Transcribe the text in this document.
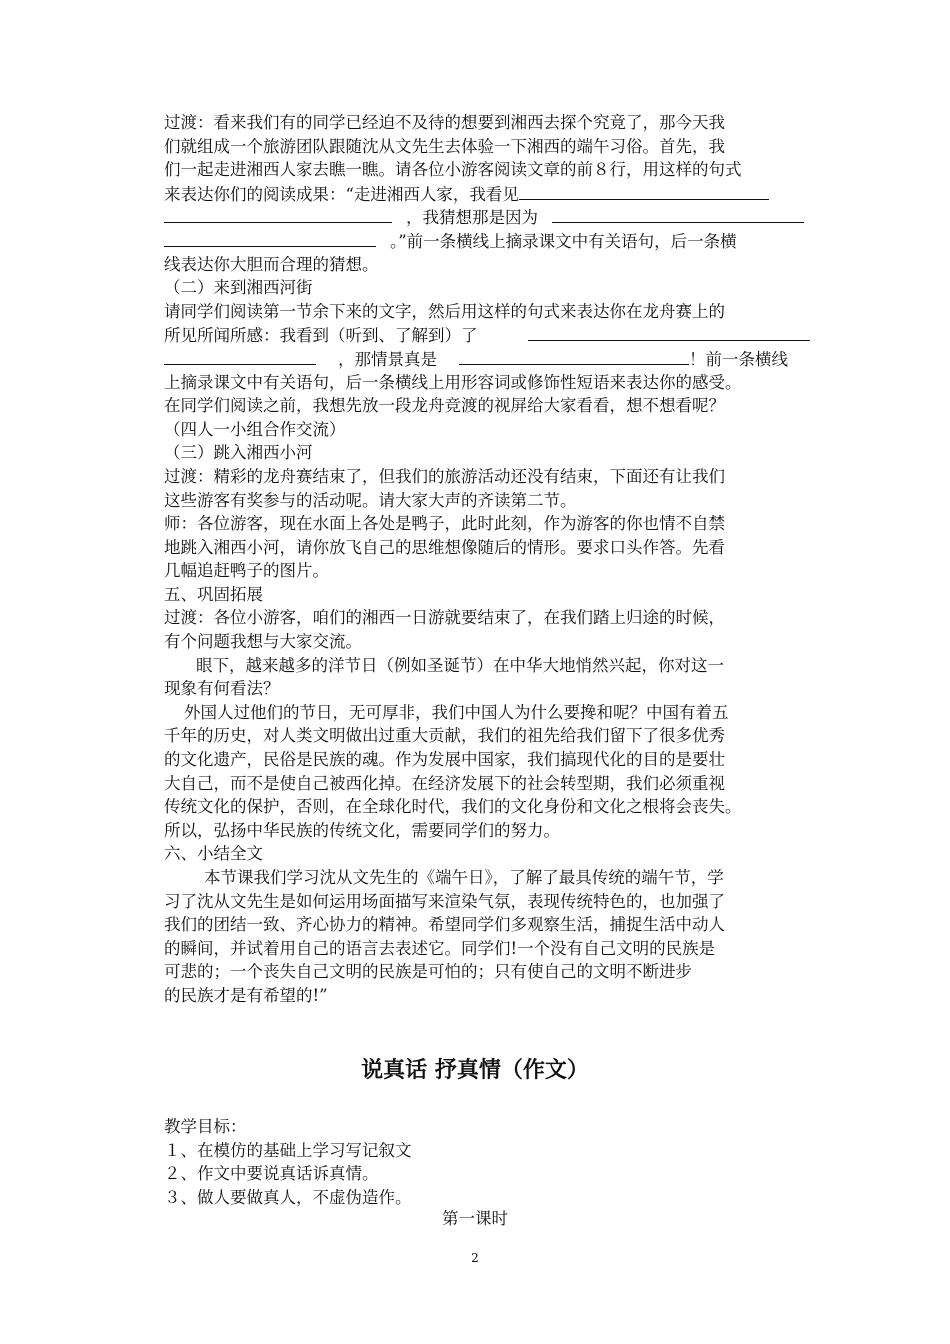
过渡：看来我们有的同学已经迫不及待的想要到湘西去探个究竟了，那今天我
们就组成一个旅游团队跟随沈从文先生去体验一下湘西的端午习俗。首先，我
们一起走进湘西人家去瞧一瞧。请各位小游客阅读文章的前８行，用这样的句式
来表达你们的阅读成果：“走进湘西人家，我看见
，我猜想那是因为
。”前一条横线上摘录课文中有关语句，后一条横
线表达你大胆而合理的猜想。
（二）来到湘西河街
请同学们阅读第一节余下来的文字，然后用这样的句式来表达你在龙舟赛上的
所见所闻所感：我看到（听到、了解到）了
，那情景真是	！前一条横线
上摘录课文中有关语句，后一条横线上用形容词或修饰性短语来表达你的感受。
在同学们阅读之前，我想先放一段龙舟竞渡的视屏给大家看看，想不想看呢？
（四人一小组合作交流）
（三）跳入湘西小河
过渡：精彩的龙舟赛结束了，但我们的旅游活动还没有结束，下面还有让我们
这些游客有奖参与的活动呢。请大家大声的齐读第二节。
师：各位游客，现在水面上各处是鸭子，此时此刻，作为游客的你也情不自禁
地跳入湘西小河，请你放飞自己的思维想像随后的情形。要求口头作答。先看
几幅追赶鸭子的图片。
五、巩固拓展
过渡：各位小游客，咱们的湘西一日游就要结束了，在我们踏上归途的时候，
有个问题我想与大家交流。
眼下，越来越多的洋节日（例如圣诞节）在中华大地悄然兴起，你对这一
现象有何看法？
外国人过他们的节日，无可厚非，我们中国人为什么要搀和呢？中国有着五
千年的历史，对人类文明做出过重大贡献，我们的祖先给我们留下了很多优秀
的文化遗产，民俗是民族的魂。作为发展中国家，我们搞现代化的目的是要壮
大自己，而不是使自己被西化掉。在经济发展下的社会转型期，我们必须重视
传统文化的保护，否则，在全球化时代，我们的文化身份和文化之根将会丧失。
所以，弘扬中华民族的传统文化，需要同学们的努力。
六、小结全文
本节课我们学习沈从文先生的《端午日》，了解了最具传统的端午节，学
习了沈从文先生是如何运用场面描写来渲染气氛，表现传统特色的，也加强了
我们的团结一致、齐心协力的精神。希望同学们多观察生活，捕捉生活中动人
的瞬间，并试着用自己的语言去表述它。同学们!一个没有自己文明的民族是
可悲的；一个丧失自己文明的民族是可怕的；只有使自己的文明不断进步
的民族才是有希望的!”
说真话 抒真情（作文）
教学目标：
１、在模仿的基础上学习写记叙文
２、作文中要说真话诉真情。
３、做人要做真人，不虚伪造作。
第一课时
2
